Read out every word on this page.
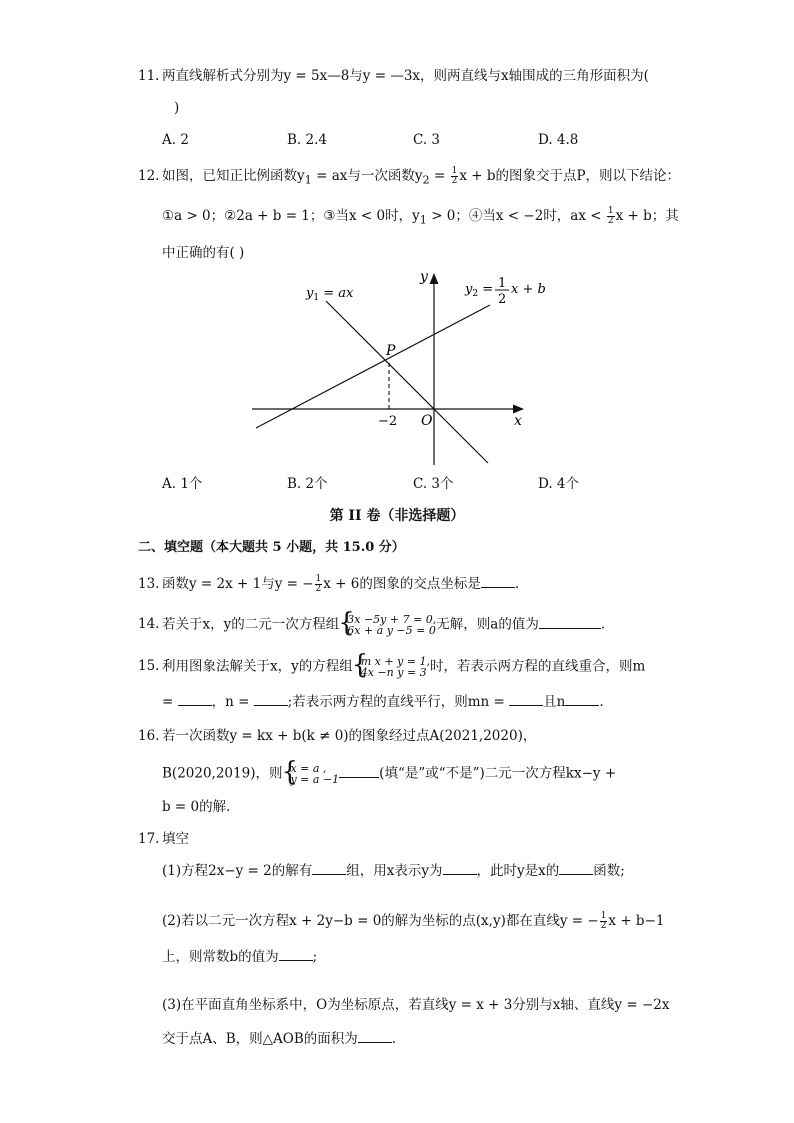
11. 两直线解析式分别为y = 5x—8与y = —3x，则两直线与x轴围成的三角形面积为(
)
A. 2	B. 2.4	C. 3	D. 4.8
12. 如图，已知正比例函数$y_1$ = ax与一次函数$y_2 = \frac{1}{2}$ x + b的图象交于点P，则以下结论：
①a > 0；②2a + b = 1；③当x < 0时，$y_1 > 0$；④当x < −2时，ax < $\frac{1}{2}$ x + b；其
中正确的有( )
P
O	x
y
−2
$y_1$ = ax	$y_2 = 1$
2
x + b
A. 1个	B. 2个	C. 3个	D. 4个
第 II 卷（非选择题）
二、填空题（本大题共 5 小题，共 15.0 分）
13. 函数y = 2x + 1与y = − $\frac{1}{2}$ x + 6的图象的交点坐标是	.
14. 若关于x，y的二元一次方程组 { 3x −5y + 7 = 0,
6x + a y −5 = 0 无解，则a的值为	.
15. 利用图象法解关于x，y的方程组 { m x + y = 1,
4x −n y = 3 时，若表示两方程的直线重合，则m
=	，n =	;若表示两方程的直线平行，则mn =	且n	.
16. 若一次函数y = kx + b(k ≠ 0)的图象经过点A(2021,2020)，
B(2020,2019)，则 { x = a ,
y = a −1	(填“是”或“不是”)二元一次方程kx−y +
b = 0的解.
17. 填空
(1)方程2x−y = 2的解有	组，用x表示y为	，此时y是x的	函数;
(2)若以二元一次方程x + 2y−b = 0的解为坐标的点(x,y)都在直线y = − $\frac{1}{2}$ x + b−1
上，则常数b的值为	;
(3)在平面直角坐标系中，O为坐标原点，若直线y = x + 3分别与x轴、直线y = −2x
交于点A、B，则△AOB的面积为	.
